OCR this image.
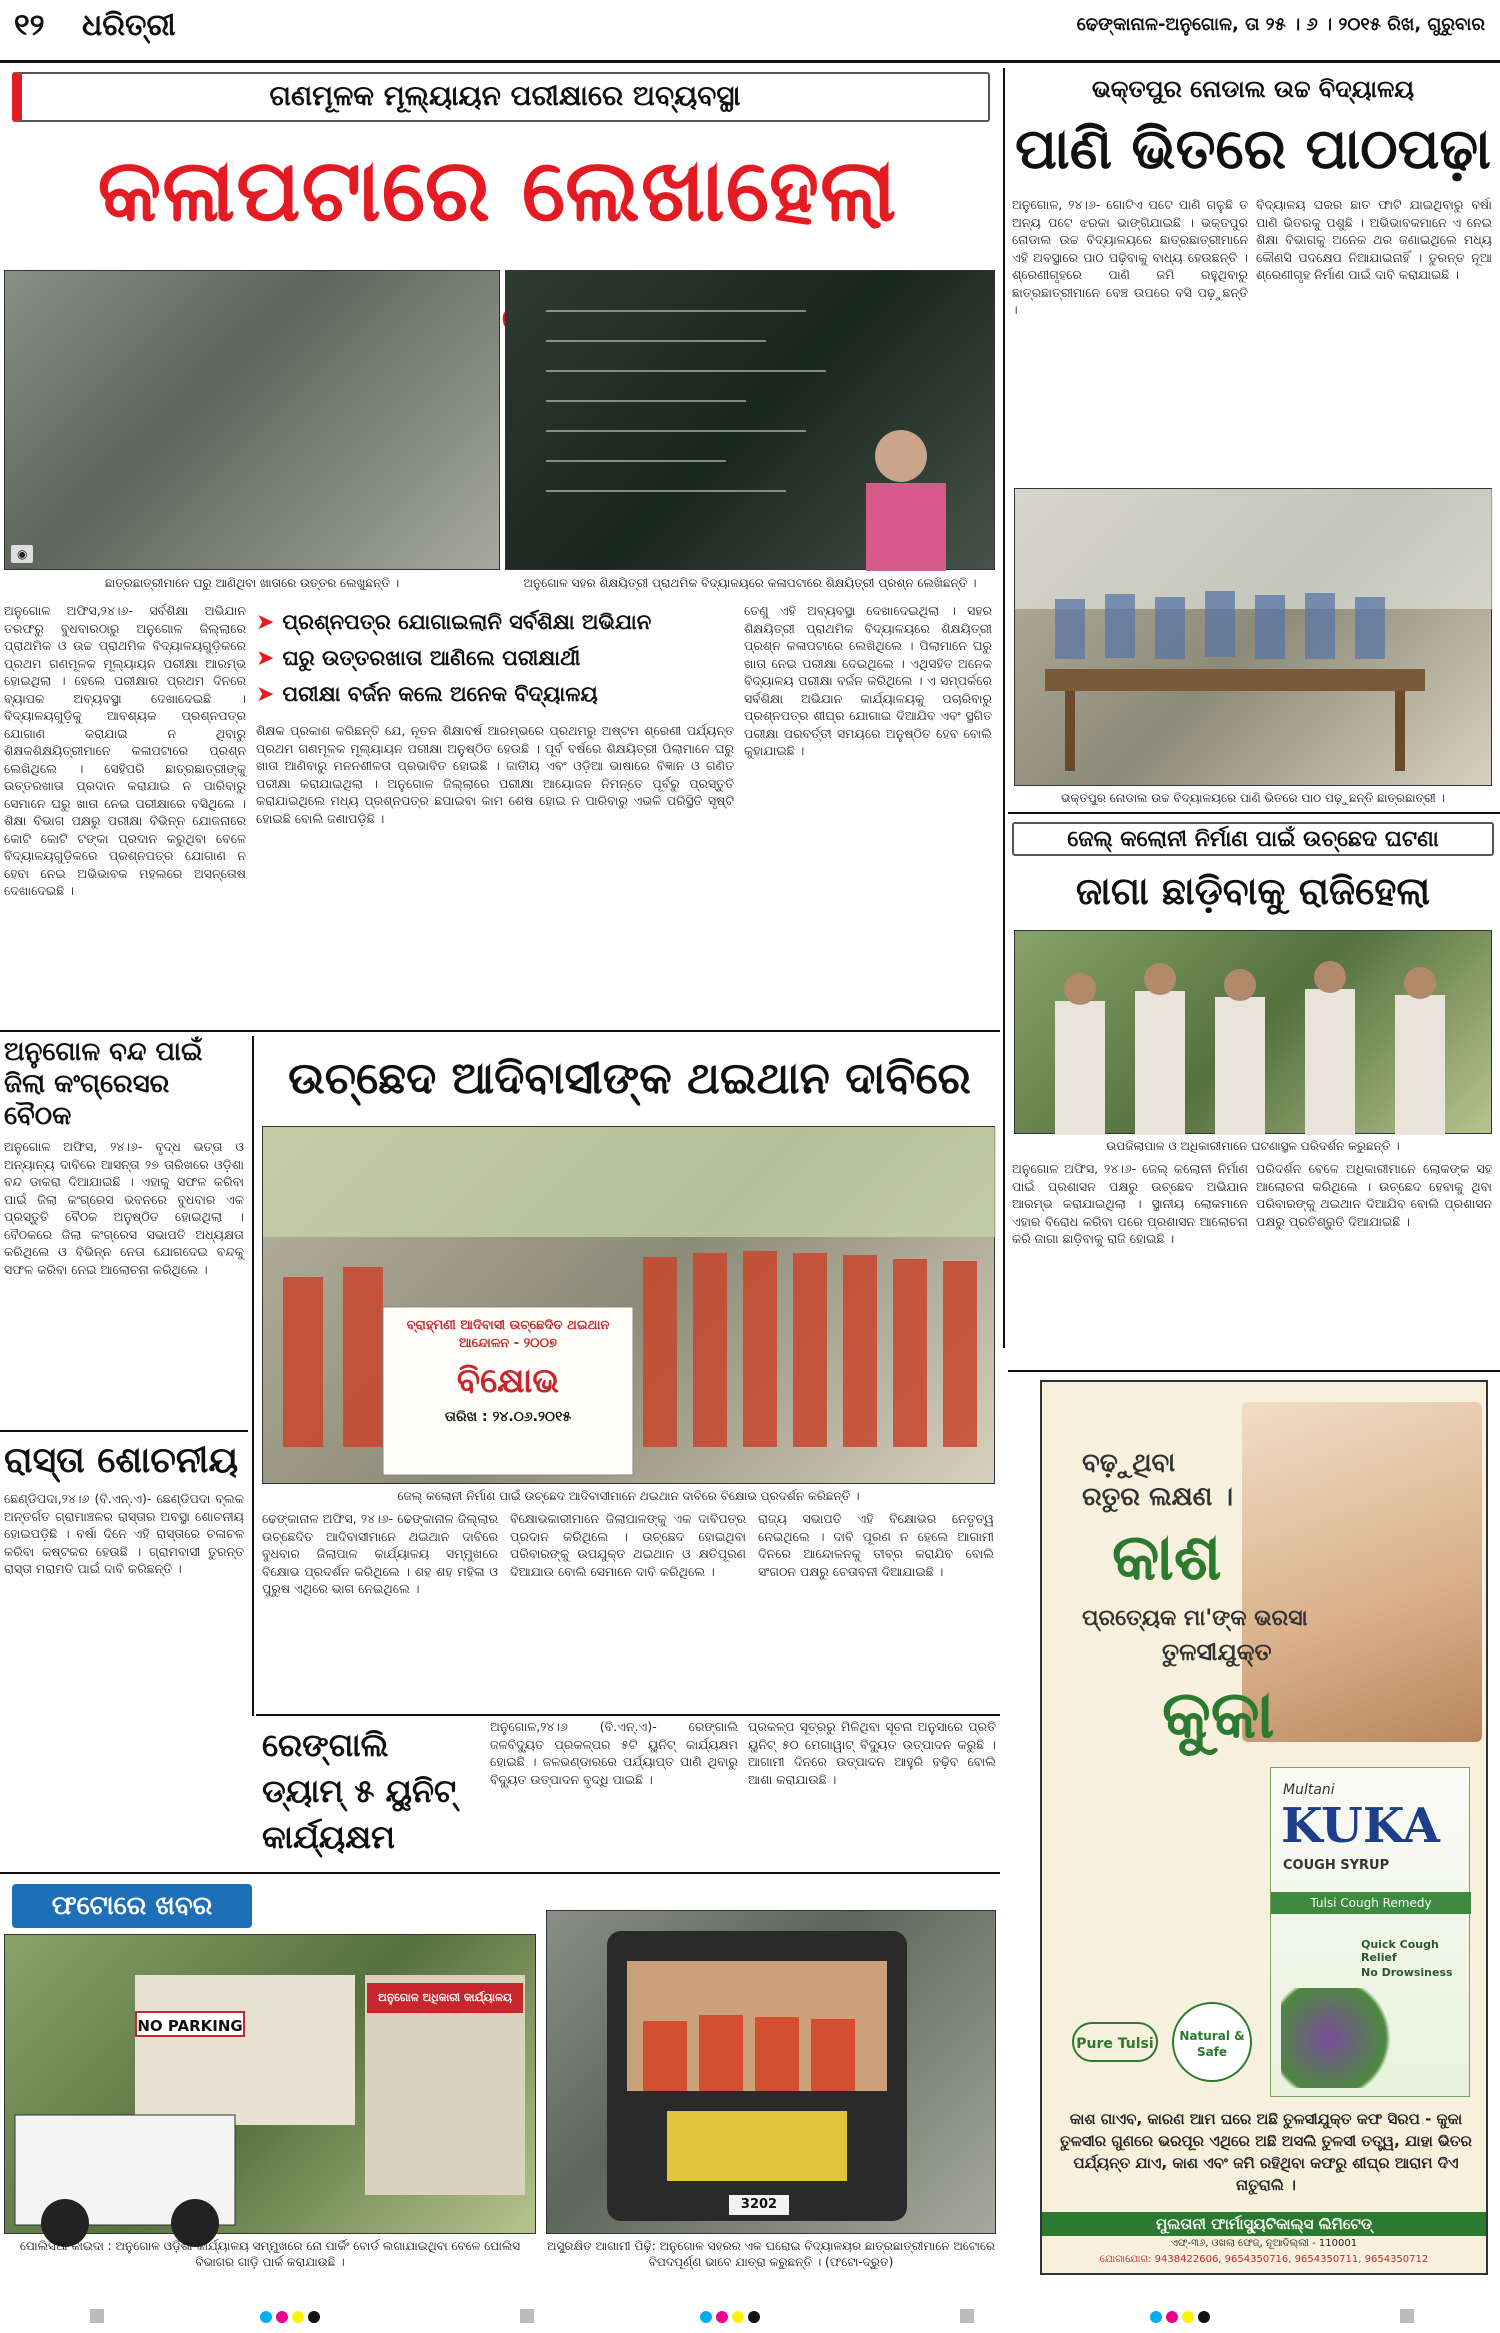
୧୨ ଧରିତ୍ରୀ	ଢେଙ୍କାନାଳ-ଅନୁଗୋଳ, ତା ୨୫ । ୬ । ୨୦୧୫ ରିଖ, ଗୁରୁବାର
ଗଣମୂଳକ ମୂଲ୍ୟାୟନ ପରୀକ୍ଷାରେ ଅବ୍ୟବସ୍ଥା
କଳାପଟାରେ ଲେଖାହେଲା
◉
ଛାତ୍ରଛାତ୍ରୀମାନେ ଘରୁ ଆଣିଥିବା ଖାତାରେ ଉତ୍ତର ଲେଖୁଛନ୍ତି ।	ଅନୁଗୋଳ ସହର ଶିକ୍ଷୟିତ୍ରୀ ପ୍ରାଥମିକ ବିଦ୍ୟାଳୟରେ କଳାପଟାରେ ଶିକ୍ଷୟିତ୍ରୀ ପ୍ରଶ୍ନ ଲେଖିଛନ୍ତି ।
ଅନୁଗୋଳ ଅଫିସ,୨୪।୬- ସର୍ବଶିକ୍ଷା ଅଭିଯାନ ତରଫରୁ ବୁଧବାରଠାରୁ ଅନୁଗୋଳ ଜିଲ୍ଲାରେ ପ୍ରାଥମିକ ଓ ଉଚ୍ଚ ପ୍ରାଥମିକ ବିଦ୍ୟାଳୟଗୁଡ଼ିକରେ ପ୍ରଥମ ଗଣମୂଳକ ମୂଲ୍ୟାୟନ ପରୀକ୍ଷା ଆରମ୍ଭ ହୋଇଥିଲା । ହେଲେ ପରୀକ୍ଷାର ପ୍ରଥମ ଦିନରେ ବ୍ୟାପକ ଅବ୍ୟବସ୍ଥା ଦେଖାଦେଇଛି । ବିଦ୍ୟାଳୟଗୁଡ଼ିକୁ ଆବଶ୍ୟକ ପ୍ରଶ୍ନପତ୍ର ଯୋଗାଣ କରାଯାଇ ନ ଥିବାରୁ ଶିକ୍ଷକଶିକ୍ଷୟିତ୍ରୀମାନେ କଳାପଟାରେ ପ୍ରଶ୍ନ ଲେଖିଥିଲେ । ସେହିପରି ଛାତ୍ରଛାତ୍ରୀଙ୍କୁ ଉତ୍ତରଖାତା ପ୍ରଦାନ କରାଯାଇ ନ ପାରିବାରୁ ସେମାନେ ଘରୁ ଖାତା ନେଇ ପରୀକ୍ଷାରେ ବସିଥିଲେ । ଶିକ୍ଷା ବିଭାଗ ପକ୍ଷରୁ ପରୀକ୍ଷା ବିଭିନ୍ନ ଯୋଜନାରେ କୋଟି କୋଟି ଟଙ୍କା ପ୍ରଦାନ କରୁଥିବା ବେଳେ ବିଦ୍ୟାଳୟଗୁଡ଼ିକରେ ପ୍ରଶ୍ନପତ୍ର ଯୋଗାଣ ନ ହେବା ନେଇ ଅଭିଭାବକ ମହଲରେ ଅସନ୍ତୋଷ ଦେଖାଦେଇଛି ।
➤ ପ୍ରଶ୍ନପତ୍ର ଯୋଗାଇଲାନି ସର୍ବଶିକ୍ଷା ଅଭିଯାନ
➤ ଘରୁ ଉତ୍ତରଖାତା ଆଣିଲେ ପରୀକ୍ଷାର୍ଥୀ
➤ ପରୀକ୍ଷା ବର୍ଜନ କଲେ ଅନେକ ବିଦ୍ୟାଳୟ
ଶିକ୍ଷକ ପ୍ରକାଶ କରିଛନ୍ତି ଯେ, ନୂତନ ଶିକ୍ଷାବର୍ଷ ଆରମ୍ଭରେ ପ୍ରଥମରୁ ଅଷ୍ଟମ ଶ୍ରେଣୀ ପର୍ଯ୍ୟନ୍ତ ପ୍ରଥମ ଗଣମୂଳକ ମୂଲ୍ୟାୟନ ପରୀକ୍ଷା ଅନୁଷ୍ଠିତ ହେଉଛି । ପୂର୍ବ ବର୍ଷରେ ଶିକ୍ଷୟିତ୍ରୀ ପିଲାମାନେ ଘରୁ ଖାତା ଆଣିବାରୁ ମନନଶୀଳତା ପ୍ରଭାବିତ ହୋଇଛି । ଜାତିୀୟ ଏବଂ ଓଡ଼ିଆ ଭାଷାରେ ବିଜ୍ଞାନ ଓ ଗଣିତ ପରୀକ୍ଷା କରାଯାଇଥିଲା । ଅନୁଗୋଳ ଜିଲ୍ଲାରେ ପରୀକ୍ଷା ଆୟୋଜନ ନିମନ୍ତେ ପୂର୍ବରୁ ପ୍ରସ୍ତୁତି କରାଯାଇଥିଲେ ମଧ୍ୟ ପ୍ରଶ୍ନପତ୍ର ଛପାଇବା କାମ ଶେଷ ହୋଇ ନ ପାରିବାରୁ ଏଭଳି ପରିସ୍ଥିତି ସୃଷ୍ଟି ହୋଇଛି ବୋଲି ଜଣାପଡ଼ିଛି ।
ତେଣୁ ଏହି ଅବ୍ୟବସ୍ଥା ଦେଖାଦେଇଥିଲା । ସହର ଶିକ୍ଷୟିତ୍ରୀ ପ୍ରାଥମିକ ବିଦ୍ୟାଳୟରେ ଶିକ୍ଷୟିତ୍ରୀ ପ୍ରଶ୍ନ କଳାପଟାରେ ଲେଖିଥିଲେ । ପିଲାମାନେ ଘରୁ ଖାତା ନେଇ ପରୀକ୍ଷା ଦେଇଥିଲେ । ଏଥିସହିତ ଅନେକ ବିଦ୍ୟାଳୟ ପରୀକ୍ଷା ବର୍ଜନ କରିଥିଲେ । ଏ ସମ୍ପର୍କରେ ସର୍ବଶିକ୍ଷା ଅଭିଯାନ କାର୍ଯ୍ୟାଳୟକୁ ପଚାରିବାରୁ ପ୍ରଶ୍ନପତ୍ର ଶୀଘ୍ର ଯୋଗାଇ ଦିଆଯିବ ଏବଂ ସ୍ଥଗିତ ପରୀକ୍ଷା ପରବର୍ତ୍ତୀ ସମୟରେ ଅନୁଷ୍ଠିତ ହେବ ବୋଲି କୁହାଯାଇଛି ।
ଭକ୍ତପୁର ନୋଡାଲ ଉଚ୍ଚ ବିଦ୍ୟାଳୟ
ପାଣି ଭିତରେ ପାଠପଢ଼ା
ଅନୁଗୋଳ, ୨୪।୬- ଗୋଟିଏ ପଟେ ପାଣି ଗଳୁଛି ତ ଅନ୍ୟ ପଟେ ଝରକା ଭାଙ୍ଗିଯାଇଛି । ଭକ୍ତପୁର ନୋଡାଲ ଉଚ୍ଚ ବିଦ୍ୟାଳୟରେ ଛାତ୍ରଛାତ୍ରୀମାନେ ଏହି ଅବସ୍ଥାରେ ପାଠ ପଢ଼ିବାକୁ ବାଧ୍ୟ ହେଉଛନ୍ତି । ଶ୍ରେଣୀଗୃହରେ ପାଣି ଜମି ରହୁଥିବାରୁ ଛାତ୍ରଛାତ୍ରୀମାନେ ବେଞ୍ଚ ଉପରେ ବସି ପଢ଼ୁଛନ୍ତି ।
ବିଦ୍ୟାଳୟ ଘରର ଛାତ ଫାଟି ଯାଇଥିବାରୁ ବର୍ଷା ପାଣି ଭିତରକୁ ପଶୁଛି । ଅଭିଭାବକମାନେ ଏ ନେଇ ଶିକ୍ଷା ବିଭାଗକୁ ଅନେକ ଥର ଜଣାଇଥିଲେ ମଧ୍ୟ କୌଣସି ପଦକ୍ଷେପ ନିଆଯାଇନାହିଁ । ତୁରନ୍ତ ନୂଆ ଶ୍ରେଣୀଗୃହ ନିର୍ମାଣ ପାଇଁ ଦାବି କରାଯାଇଛି ।
ଭକ୍ତପୁର ନୋଡାଲ ଉଚ୍ଚ ବିଦ୍ୟାଳୟରେ ପାଣି ଭିତରେ ପାଠ ପଢ଼ୁଛନ୍ତି ଛାତ୍ରଛାତ୍ରୀ ।
ଜେଲ୍ କଲୋନୀ ନିର୍ମାଣ ପାଇଁ ଉଚ୍ଛେଦ ଘଟଣା
ଜାଗା ଛାଡ଼ିବାକୁ ରାଜିହେଲା
ଉପଜିଲାପାଳ ଓ ଅଧିକାରୀମାନେ ଘଟଣାସ୍ଥଳ ପରିଦର୍ଶନ କରୁଛନ୍ତି ।
ଅନୁଗୋଳ ଅଫିସ, ୨୪।୬- ଜେଲ୍ କଲୋନୀ ନିର୍ମାଣ ପାଇଁ ପ୍ରଶାସନ ପକ୍ଷରୁ ଉଚ୍ଛେଦ ଅଭିଯାନ ଆରମ୍ଭ କରାଯାଇଥିଲା । ସ୍ଥାନୀୟ ଲୋକମାନେ ଏହାର ବିରୋଧ କରିବା ପରେ ପ୍ରଶାସନ ଆଲୋଚନା କରି ଜାଗା ଛାଡ଼ିବାକୁ ରାଜି ହୋଇଛି ।
ପରିଦର୍ଶନ ବେଳେ ଅଧିକାରୀମାନେ ଲୋକଙ୍କ ସହ ଆଲୋଚନା କରିଥିଲେ । ଉଚ୍ଛେଦ ହେବାକୁ ଥିବା ପରିବାରଙ୍କୁ ଥଇଥାନ ଦିଆଯିବ ବୋଲି ପ୍ରଶାସନ ପକ୍ଷରୁ ପ୍ରତିଶ୍ରୁତି ଦିଆଯାଇଛି ।
ଅନୁଗୋଳ ବନ୍ଦ ପାଇଁ ଜିଲା କଂଗ୍ରେସର ବୈଠକ
ଅନୁଗୋଳ ଅଫିସ, ୨୪।୬- ବୃଦ୍ଧ ଭତ୍ତା ଓ ଅନ୍ୟାନ୍ୟ ଦାବିରେ ଆସନ୍ତା ୨୭ ତାରିଖରେ ଓଡ଼ିଶା ବନ୍ଦ ଡାକରା ଦିଆଯାଇଛି । ଏହାକୁ ସଫଳ କରିବା ପାଇଁ ଜିଲା କଂଗ୍ରେସ ଭବନରେ ବୁଧବାର ଏକ ପ୍ରସ୍ତୁତି ବୈଠକ ଅନୁଷ୍ଠିତ ହୋଇଥିଲା । ବୈଠକରେ ଜିଲା କଂଗ୍ରେସ ସଭାପତି ଅଧ୍ୟକ୍ଷତା କରିଥିଲେ ଓ ବିଭିନ୍ନ ନେତା ଯୋଗଦେଇ ବନ୍ଦକୁ ସଫଳ କରିବା ନେଇ ଆଲୋଚନା କରିଥିଲେ ।
ରାସ୍ତା ଶୋଚନୀୟ
ଛେଣ୍ଡିପଦା,୨୪।୬ (ବି.ଏନ୍.ଏ)- ଛେଣ୍ଡିପଦା ବ୍ଲକ ଅନ୍ତର୍ଗତ ଗ୍ରାମାଞ୍ଚଳର ରାସ୍ତାର ଅବସ୍ଥା ଶୋଚନୀୟ ହୋଇପଡ଼ିଛି । ବର୍ଷା ଦିନେ ଏହି ରାସ୍ତାରେ ଚଳାଚଳ କରିବା କଷ୍ଟକର ହେଉଛି । ଗ୍ରାମବାସୀ ତୁରନ୍ତ ରାସ୍ତା ମରାମତି ପାଇଁ ଦାବି କରିଛନ୍ତି ।
ଉଚ୍ଛେଦ ଆଦିବାସୀଙ୍କ ଥଇଥାନ ଦାବିରେ
ବ୍ରାହ୍ମଣୀ ଆଦିବାସୀ ଉଚ୍ଛେଦିତ ଥଇଥାନ ଆନ୍ଦୋଳନ - ୨୦୦୭
ବିକ୍ଷୋଭ
ତାରିଖ : ୨୪.୦୬.୨୦୧୫
ଜେଲ୍ କଲୋନୀ ନିର୍ମାଣ ପାଇଁ ଉଚ୍ଛେଦ ଆଦିବାସୀମାନେ ଥଇଥାନ ଦାବିରେ ବିକ୍ଷୋଭ ପ୍ରଦର୍ଶନ କରିଛନ୍ତି ।
ଢେଙ୍କାନାଳ ଅଫିସ, ୨୪।୬- ଢେଙ୍କାନାଳ ଜିଲ୍ଲାର ଉଚ୍ଛେଦିତ ଆଦିବାସୀମାନେ ଥଇଥାନ ଦାବିରେ ବୁଧବାର ଜିଲାପାଳ କାର୍ଯ୍ୟାଳୟ ସମ୍ମୁଖରେ ବିକ୍ଷୋଭ ପ୍ରଦର୍ଶନ କରିଥିଲେ । ଶହ ଶହ ମହିଳା ଓ ପୁରୁଷ ଏଥିରେ ଭାଗ ନେଇଥିଲେ ।
ବିକ୍ଷୋଭକାରୀମାନେ ଜିଲାପାଳଙ୍କୁ ଏକ ଦାବିପତ୍ର ପ୍ରଦାନ କରିଥିଲେ । ଉଚ୍ଛେଦ ହୋଇଥିବା ପରିବାରଙ୍କୁ ଉପଯୁକ୍ତ ଥଇଥାନ ଓ କ୍ଷତିପୂରଣ ଦିଆଯାଉ ବୋଲି ସେମାନେ ଦାବି କରିଥିଲେ ।
ରାଜ୍ୟ ସଭାପତି ଏହି ବିକ୍ଷୋଭର ନେତୃତ୍ୱ ନେଇଥିଲେ । ଦାବି ପୂରଣ ନ ହେଲେ ଆଗାମୀ ଦିନରେ ଆନ୍ଦୋଳନକୁ ତୀବ୍ର କରାଯିବ ବୋଲି ସଂଗଠନ ପକ୍ଷରୁ ଚେତାବନୀ ଦିଆଯାଇଛି ।
ରେଙ୍ଗାଲି ଡ୍ୟାମ୍ ୫ ୟୁନିଟ୍ କାର୍ଯ୍ୟକ୍ଷମ
ଅନୁଗୋଳ,୨୪।୬ (ବି.ଏନ୍.ଏ)- ରେଙ୍ଗାଲି ଜଳବିଦ୍ୟୁତ ପ୍ରକଳ୍ପର ୫ଟି ୟୁନିଟ୍ କାର୍ଯ୍ୟକ୍ଷମ ହୋଇଛି । ଜଳଭଣ୍ଡାରରେ ପର୍ଯ୍ୟାପ୍ତ ପାଣି ଥିବାରୁ ବିଦ୍ୟୁତ ଉତ୍ପାଦନ ବୃଦ୍ଧି ପାଇଛି ।
ପ୍ରକଳ୍ପ ସୂତ୍ରରୁ ମିଳିଥିବା ସୂଚନା ଅନୁସାରେ ପ୍ରତି ୟୁନିଟ୍ ୫୦ ମେଗାୱାଟ୍ ବିଦ୍ୟୁତ ଉତ୍ପାଦନ କରୁଛି । ଆଗାମୀ ଦିନରେ ଉତ୍ପାଦନ ଆହୁରି ବଢ଼ିବ ବୋଲି ଆଶା କରାଯାଉଛି ।
ଫଟୋରେ ଖବର
NO PARKING
ଅନୁଗୋଳ ଅଧିକାରୀ କାର୍ଯ୍ୟାଳୟ
3202
ପୋଲିସିଆ କାଇଦା : ଅନୁଗୋଳ ଓଡ଼ିଶା କାର୍ଯ୍ୟାଳୟ ସମ୍ମୁଖରେ ନୋ ପାର୍କିଂ ବୋର୍ଡ ଲଗାଯାଇଥିବା ବେଳେ ପୋଲିସ ବିଭାଗର ଗାଡ଼ି ପାର୍କ କରାଯାଉଛି ।
ଅସୁରକ୍ଷିତ ଆଗାମୀ ପିଢ଼ି: ଅନୁଗୋଳ ସହରର ଏକ ଘରୋଇ ବିଦ୍ୟାଳୟର ଛାତ୍ରଛାତ୍ରୀମାନେ ଅଟୋରେ ବିପଦପୂର୍ଣ୍ଣ ଭାବେ ଯାତ୍ରା କରୁଛନ୍ତି । (ଫଟୋ-ଦ୍ରୁତ)
ବଢ଼ୁଥିବା
ରତୁର ଲକ୍ଷଣ ।
କାଶ
ପ୍ରତ୍ୟେକ ମା'ଙ୍କ ଭରସା
ତୁଳସୀଯୁକ୍ତ
କୁକା
Multani
KUKA
COUGH SYRUP
Tulsi Cough Remedy
Quick Cough Relief
No Drowsiness
Pure Tulsi	Natural & Safe
କାଶ ଗାଏବ, କାରଣ ଆମ ଘରେ ଅଛି ତୁଳସୀଯୁକ୍ତ କଫ ସିରପ - କୁକା ତୁଳସୀର ଗୁଣରେ ଭରପୂର ଏଥିରେ ଅଛି ଅସଲି ତୁଳସୀ ତତ୍ତ୍ୱ, ଯାହା ଭିତର ପର୍ଯ୍ୟନ୍ତ ଯାଏ, କାଶ ଏବଂ ଜମି ରହିଥିବା କଫରୁ ଶୀଘ୍ର ଆରାମ ଦିଏ ନାତୁରାଲି ।
ମୁଲତାନୀ ଫାର୍ମାସ୍ୟୁଟିକାଲ୍ସ ଲିମିଟେଡ୍
ଏଫ୍-୩୬, ଓଖଲା ଫେଜ୍, ନୂଆଦିଲ୍ଲୀ - 110001
ଯୋଗାଯୋଗ: 9438422606, 9654350716, 9654350711, 9654350712
